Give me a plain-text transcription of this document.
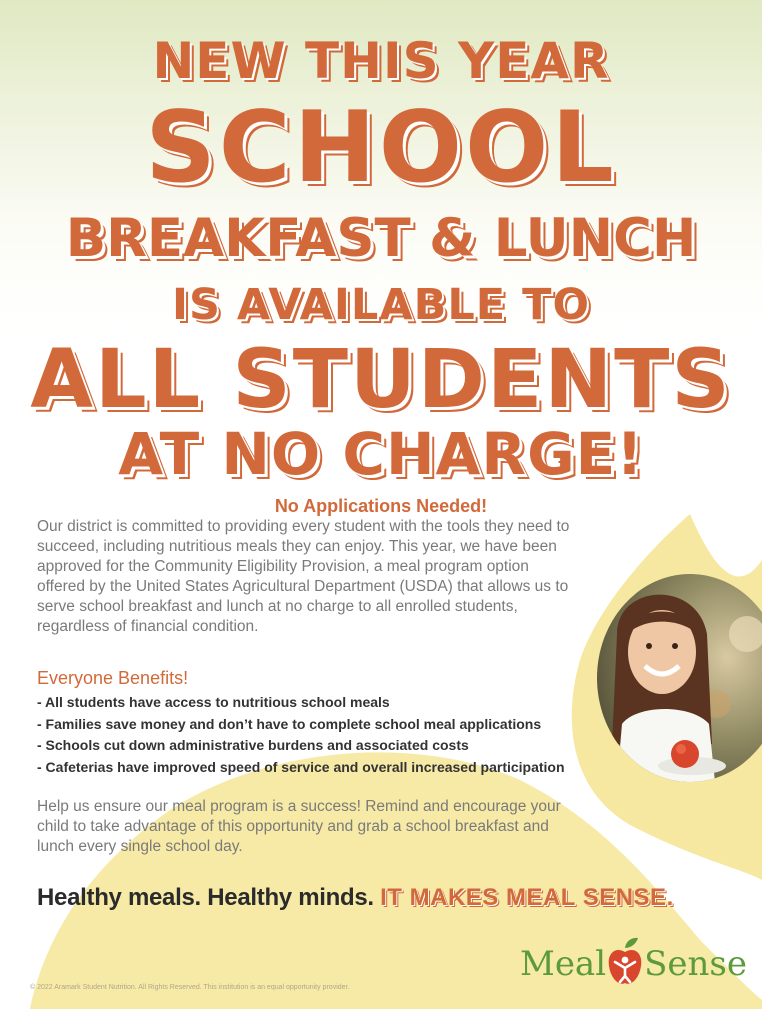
NEW THIS YEAR
SCHOOL
BREAKFAST & LUNCH
IS AVAILABLE TO
ALL STUDENTS
AT NO CHARGE!
No Applications Needed!

Our district is committed to providing every student with the tools they need to succeed, including nutritious meals they can enjoy. This year, we have been approved for the Community Eligibility Provision, a meal program option offered by the United States Agricultural Department (USDA) that allows us to serve school breakfast and lunch at no charge to all enrolled students, regardless of financial condition.

Everyone Benefits!
- All students have access to nutritious school meals
- Families save money and don’t have to complete school meal applications
- Schools cut down administrative burdens and associated costs
- Cafeterias have improved speed of service and overall increased participation

Help us ensure our meal program is a success! Remind and encourage your child to take advantage of this opportunity and grab a school breakfast and lunch every single school day.

Healthy meals. Healthy minds. IT MAKES MEAL SENSE.
Meal Sense
© 2022 Aramark Student Nutrition. All Rights Reserved. This institution is an equal opportunity provider.
